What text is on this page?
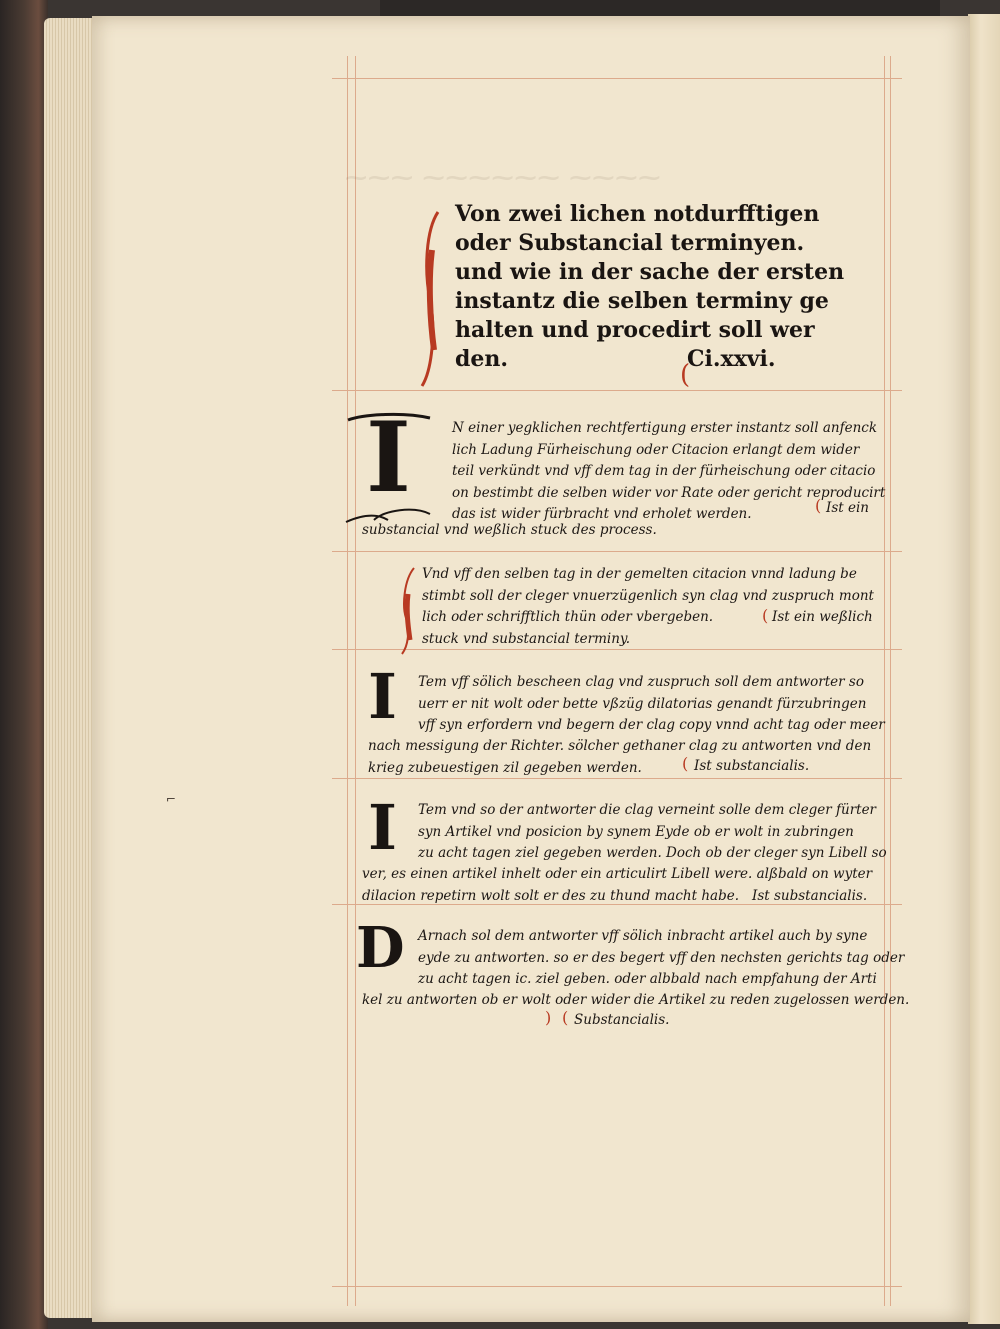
⁓⁓⁓ ⁓⁓⁓⁓⁓⁓ ⁓⁓⁓⁓
Von zwei lichen notdurfftigen
oder Substancial terminyen.
und wie in der sache der ersten
instantz die selben terminy ge
halten und procedirt soll wer
den.	Ci.xxvi.
(
I	N einer yegklichen rechtfertigung erster instantz soll anfenck
lich Ladung Fürheischung oder Citacion erlangt dem wider
teil verkündt vnd vff dem tag in der fürheischung oder citacio
on bestimbt die selben wider vor Rate oder gericht reproducirt
das ist wider fürbracht vnd erholet werden.
substancial vnd weßlich stuck des process.
( Ist ein
Vnd vff den selben tag in der gemelten citacion vnnd ladung be
stimbt soll der cleger vnuerzügenlich syn clag vnd zuspruch mont
lich oder schrifftlich thün oder vbergeben.
stuck vnd substancial terminy.
( Ist ein weßlich
I Tem vff sölich bescheen clag vnd zuspruch soll dem antworter so
uerr er nit wolt oder bette vßzüg dilatorias genandt fürzubringen
vff syn erfordern vnd begern der clag copy vnnd acht tag oder meer
nach messigung der Richter. sölcher gethaner clag zu antworten vnd den
krieg zubeuestigen zil gegeben werden.	( Ist substancialis.
I Tem vnd so der antworter die clag verneint solle dem cleger fürter
syn Artikel vnd posicion by synem Eyde ob er wolt in zubringen
zu acht tagen ziel gegeben werden. Doch ob der cleger syn Libell so
ver, es einen artikel inhelt oder ein articulirt Libell were. alßbald on wyter
dilacion repetirn wolt solt er des zu thund macht habe. Ist substancialis.
D Arnach sol dem antworter vff sölich inbracht artikel auch by syne
eyde zu antworten. so er des begert vff den nechsten gerichts tag oder
zu acht tagen ic. ziel geben. oder albbald nach empfahung der Arti
kel zu antworten ob er wolt oder wider die Artikel zu reden zugelossen werden.
) ( Substancialis.
⌐
